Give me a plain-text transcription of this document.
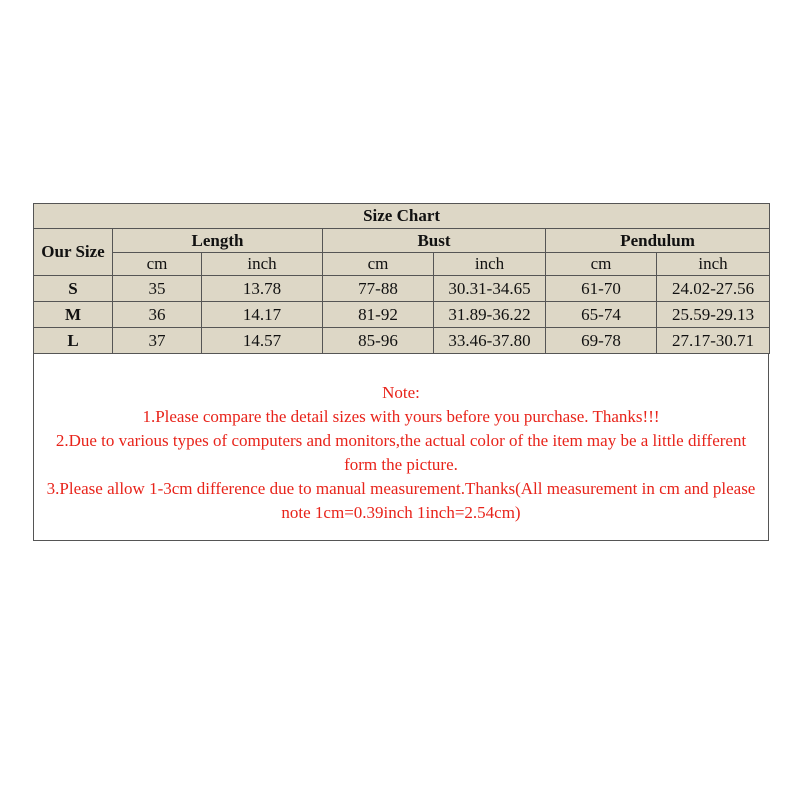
Size Chart						
Our Size	Length		Bust		Pendulum	
	cm	inch	cm	inch	cm	inch
S	35	13.78	77-88	30.31-34.65	61-70	24.02-27.56
M	36	14.17	81-92	31.89-36.22	65-74	25.59-29.13
L	37	14.57	85-96	33.46-37.80	69-78	27.17-30.71
Note:
1.Please compare the detail sizes with yours before you purchase. Thanks!!!
2.Due to various types of computers and monitors,the actual color of the item may be a little different form the picture.
3.Please allow 1-3cm difference due to manual measurement.Thanks(All measurement in cm and please note 1cm=0.39inch 1inch=2.54cm)
